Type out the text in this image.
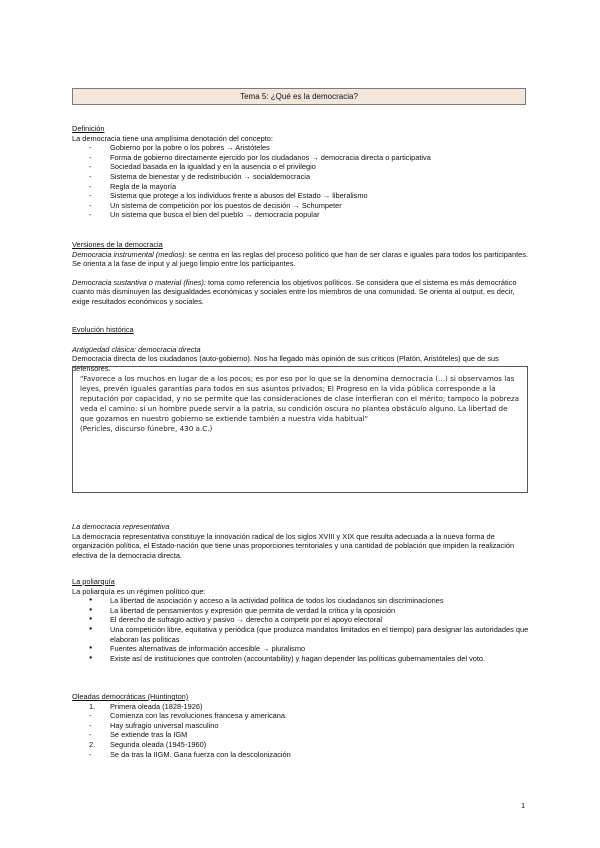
Tema 5: ¿Qué es la democracia?

Definición

La democracia tiene una amplísima denotación del concepto:

- Gobierno por la pobre o los pobres → Aristóteles
- Forma de gobierno directamente ejercido por los ciudadanos → democracia directa o participativa
- Sociedad basada en la igualdad y en la ausencia o el privilegio
- Sistema de bienestar y de redistribución → socialdemocracia
- Regla de la mayoría
- Sistema que protege a los individuos frente a abusos del Estado → liberalismo
- Un sistema de competición por los puestos de decisión → Schumpeter
- Un sistema que busca el bien del pueblo → democracia popular

Versiones de la democracia

Democracia instrumental (medios): se centra en las reglas del proceso político que han de ser claras e iguales para todos los participantes. Se orienta a la fase de input y al juego limpio entre los participantes.

Democracia sustantiva o material (fines): toma como referencia los objetivos políticos. Se considera que el sistema es más democrático cuanto más disminuyen las desigualdades económicas y sociales entre los miembros de una comunidad. Se orienta al output, es decir, exige resultados económicos y sociales.

Evolución histórica

Antigüedad clásica: democracia directa

Democracia directa de los ciudadanos (auto-gobierno). Nos ha llegado más opinión de sus críticos (Platón, Aristóteles) que de sus defensores.

La democracia representativa

La democracia representativa constituye la innovación radical de los siglos XVIII y XIX que resulta adecuada a la nueva forma de organización política, el Estado-nación que tiene unas proporciones territoriales y una cantidad de población que impiden la realización efectiva de la democracia directa.

La poliarquía

La poliarquía es un régimen político que:

● La libertad de asociación y acceso a la actividad política de todos los ciudadanos sin discriminaciones
● La libertad de pensamientos y expresión que permita de verdad la crítica y la oposición
● El derecho de sufragio activo y pasivo → derecho a competir por el apoyo electoral
● Una competición libre, equitativa y periódica (que produzca mandatos limitados en el tiempo) para designar las autoridades que elaboran las políticas
● Fuentes alternativas de información accesible → pluralismo
● Existe así de instituciones que controlen (accountability) y hagan depender las políticas gubernamentales del voto.

Oleadas democráticas (Huntington)

1. Primera oleada (1828-1926)
- Comienza con las revoluciones francesa y americana.
- Hay sufragio universal masculino
- Se extiende tras la IGM
2. Segunda oleada (1945-1960)
- Se da tras la IIGM. Gana fuerza con la descolonización
"Favorece a los muchos en lugar de a los pocos; es por eso por lo que se la denomina democracia (...) si observamos las leyes, prevén iguales garantías para todos en sus asuntos privados; El Progreso en la vida pública corresponde a la reputación por capacidad, y no se permite que las consideraciones de clase interfieran con el mérito; tampoco la pobreza veda el camino: si un hombre puede servir a la patria, su condición oscura no plantea obstáculo alguno. La libertad de que gozamos en nuestro gobierno se extiende también a nuestra vida habitual"
(Pericles, discurso fúnebre, 430 a.C.)
1
